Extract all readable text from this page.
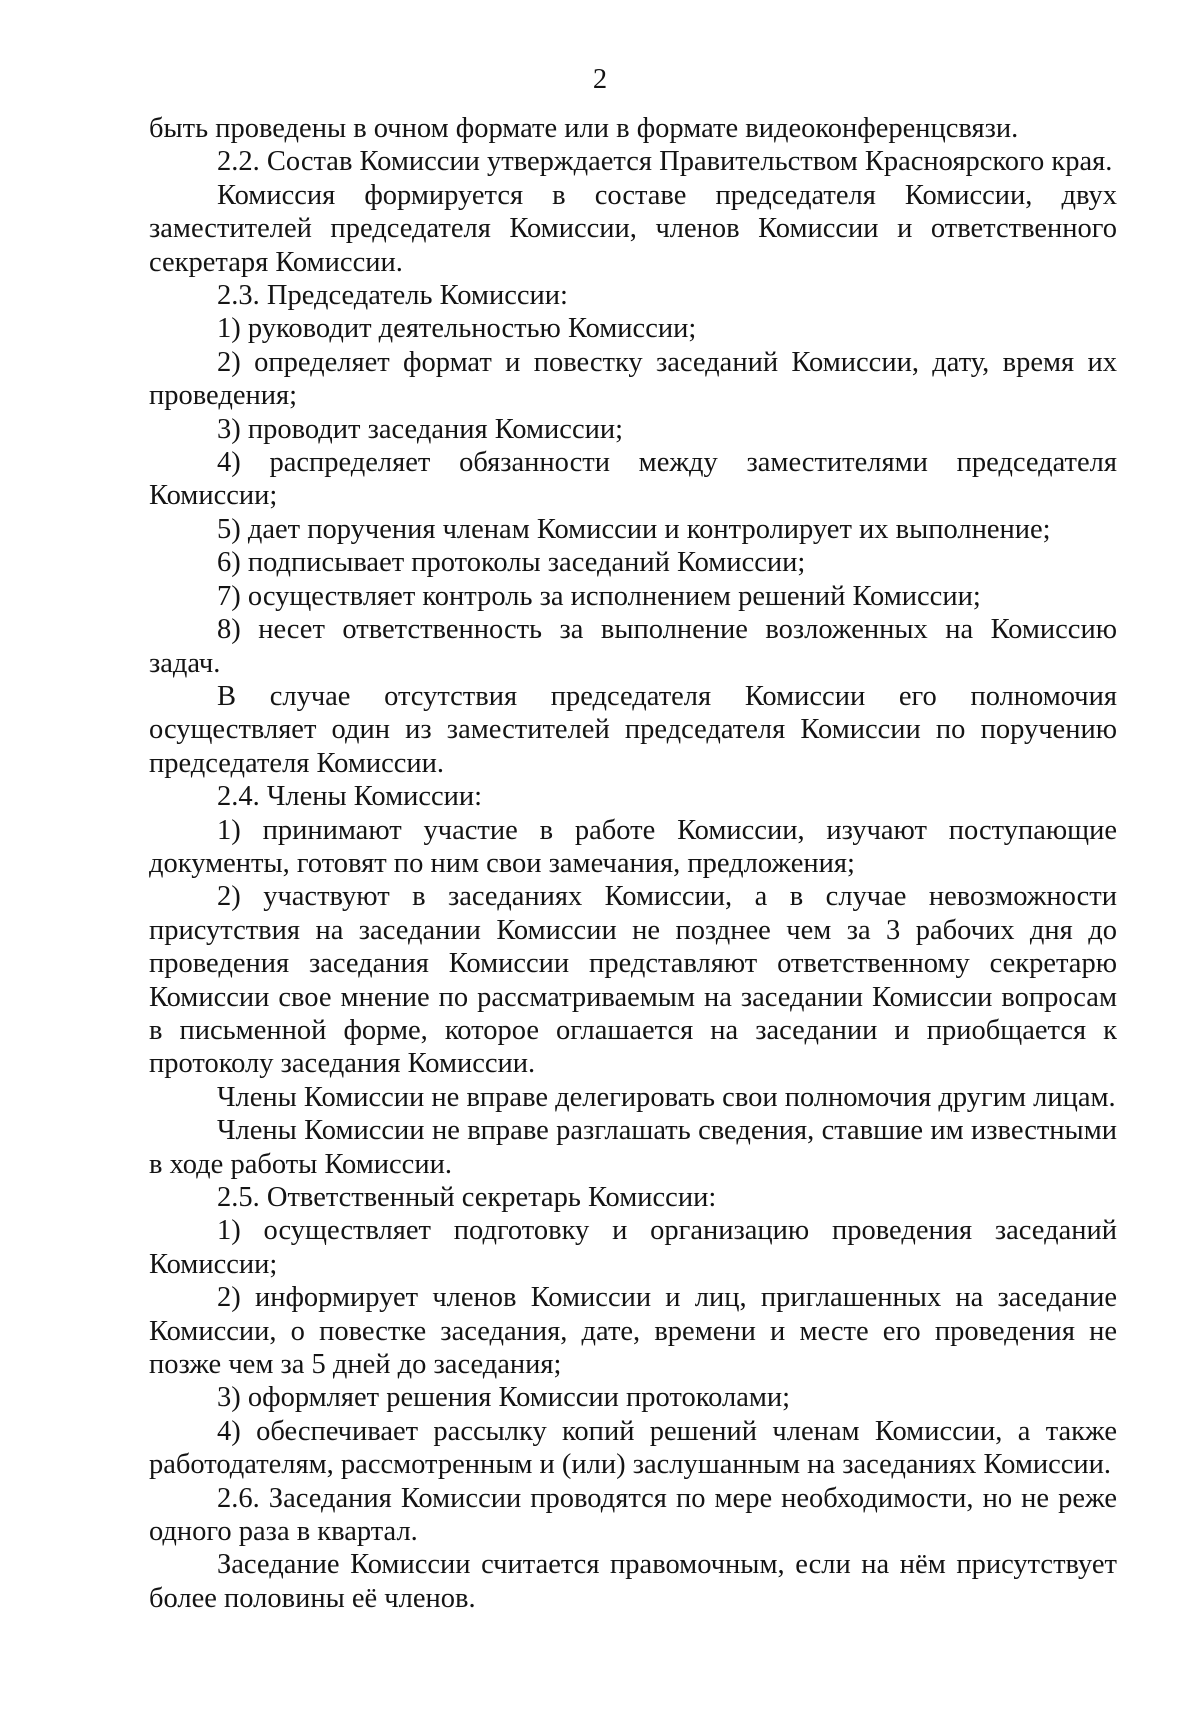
2

быть проведены в очном формате или в формате видеоконференцсвязи.

2.2. Состав Комиссии утверждается Правительством Красноярского края.

Комиссия формируется в составе председателя Комиссии, двух заместителей председателя Комиссии, членов Комиссии и ответственного секретаря Комиссии.

2.3. Председатель Комиссии:

1) руководит деятельностью Комиссии;

2) определяет формат и повестку заседаний Комиссии, дату, время их проведения;

3) проводит заседания Комиссии;

4) распределяет обязанности между заместителями председателя Комиссии;

5) дает поручения членам Комиссии и контролирует их выполнение;

6) подписывает протоколы заседаний Комиссии;

7) осуществляет контроль за исполнением решений Комиссии;

8) несет ответственность за выполнение возложенных на Комиссию задач.

В случае отсутствия председателя Комиссии его полномочия осуществляет один из заместителей председателя Комиссии по поручению председателя Комиссии.

2.4. Члены Комиссии:

1) принимают участие в работе Комиссии, изучают поступающие документы, готовят по ним свои замечания, предложения;

2) участвуют в заседаниях Комиссии, а в случае невозможности присутствия на заседании Комиссии не позднее чем за 3 рабочих дня до проведения заседания Комиссии представляют ответственному секретарю Комиссии свое мнение по рассматриваемым на заседании Комиссии вопросам в письменной форме, которое оглашается на заседании и приобщается к протоколу заседания Комиссии.

Члены Комиссии не вправе делегировать свои полномочия другим лицам.

Члены Комиссии не вправе разглашать сведения, ставшие им известными в ходе работы Комиссии.

2.5. Ответственный секретарь Комиссии:

1) осуществляет подготовку и организацию проведения заседаний Комиссии;

2) информирует членов Комиссии и лиц, приглашенных на заседание Комиссии, о повестке заседания, дате, времени и месте его проведения не позже чем за 5 дней до заседания;

3) оформляет решения Комиссии протоколами;

4) обеспечивает рассылку копий решений членам Комиссии, а также работодателям, рассмотренным и (или) заслушанным на заседаниях Комиссии.

2.6. Заседания Комиссии проводятся по мере необходимости, но не реже одного раза в квартал.

Заседание Комиссии считается правомочным, если на нём присутствует более половины её членов.
